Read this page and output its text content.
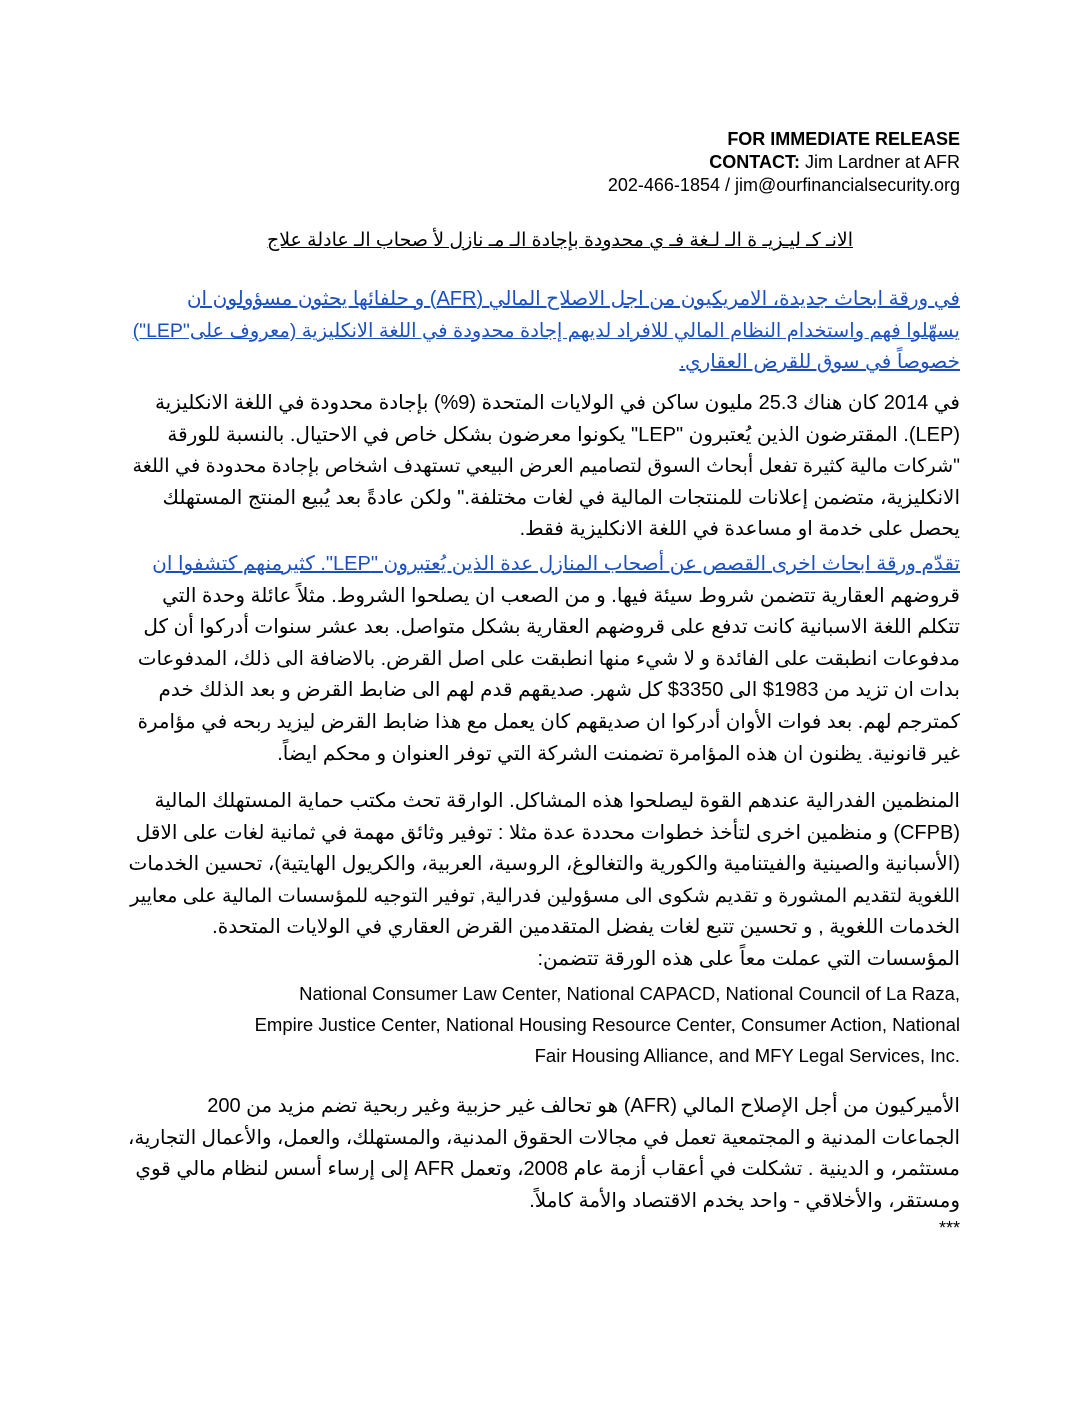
FOR IMMEDIATE RELEASE
CONTACT: Jim Lardner at AFR
202-466-1854 / jim@ourfinancialsecurity.org
الانـ كـ ليـزيـ ة الـ لـغة فـ ي محدودة بإجادة الـ مـ نازل لأ صحاب الـ عادلة علاج
في ورقة ابحاث جديدة، الامريكيون من اجل الاصلاح المالي (AFR) و حلفائها يحثون مسؤولون ان
يسهّلوا فهم واستخدام النظام المالي للافراد لديهم إجادة محدودة في اللغة الانكليزية (معروف على"LEP")
خصوصاً في سوق للقرض العقاري.
في 2014 كان هناك 25.3 مليون ساكن في الولايات المتحدة (9%) بإجادة محدودة في اللغة الانكليزية
(LEP). المقترضون الذين يُعتبرون "LEP" يكونوا معرضون بشكل خاص في الاحتيال. بالنسبة للورقة
"شركات مالية كثيرة تفعل أبحاث السوق لتصاميم العرض البيعي تستهدف اشخاص بإجادة محدودة في اللغة
الانكليزية، متضمن إعلانات للمنتجات المالية في لغات مختلفة." ولكن عادةً بعد يُبيع المنتج المستهلك
يحصل على خدمة او مساعدة في اللغة الانكليزية فقط.
تقدّم ورقة ابحاث اخرى القصص عن أصحاب المنازل عدة الذين يُعتبرون "LEP". كثيرمنهم كتشفوا ان
قروضهم العقارية تتضمن شروط سيئة فيها. و من الصعب ان يصلحوا الشروط. مثلاً عائلة وحدة التي
تتكلم اللغة الاسبانية كانت تدفع على قروضهم العقارية بشكل متواصل. بعد عشر سنوات أدركوا أن كل
مدفوعات انطبقت على الفائدة و لا شيء منها انطبقت على اصل القرض. بالاضافة الى ذلك، المدفوعات
بدات ان تزيد من 1983$ الى 3350$ كل شهر. صديقهم قدم لهم الى ضابط القرض و بعد الذلك خدم
كمترجم لهم. بعد فوات الأوان أدركوا ان صديقهم كان يعمل مع هذا ضابط القرض ليزيد ربحه في مؤامرة
غير قانونية. يظنون ان هذه المؤامرة تضمنت الشركة التي توفر العنوان و محكم ايضاً.
المنظمين الفدرالية عندهم القوة ليصلحوا هذه المشاكل. الوارقة تحث مكتب حماية المستهلك المالية
(CFPB) و منظمين اخرى لتأخذ خطوات محددة عدة مثلا : توفير وثائق مهمة في ثمانية لغات على الاقل
(الأسبانية والصينية والفيتنامية والكورية والتغالوغ، الروسية، العربية، والكريول الهايتية)، تحسين الخدمات
اللغوية لتقديم المشورة و تقديم شكوى الى مسؤولين فدرالية, توفير التوجيه للمؤسسات المالية على معايير
الخدمات اللغوية , و تحسين تتبع لغات يفضل المتقدمين القرض العقاري في الولايات المتحدة.
المؤسسات التي عملت معاً على هذه الورقة تتضمن:
National Consumer Law Center, National CAPACD, National Council of La Raza,
Empire Justice Center, National Housing Resource Center, Consumer Action, National
Fair Housing Alliance, and MFY Legal Services, Inc.
الأميركيون من أجل الإصلاح المالي (AFR) هو تحالف غير حزبية وغير ربحية تضم مزيد من 200
الجماعات المدنية و المجتمعية تعمل في مجالات الحقوق المدنية، والمستهلك، والعمل، والأعمال التجارية،
مستثمر، و الدينية . تشكلت في أعقاب أزمة عام 2008، وتعمل AFR إلى إرساء أسس لنظام مالي قوي
ومستقر، والأخلاقي - واحد يخدم الاقتصاد والأمة كاملاً.
***
